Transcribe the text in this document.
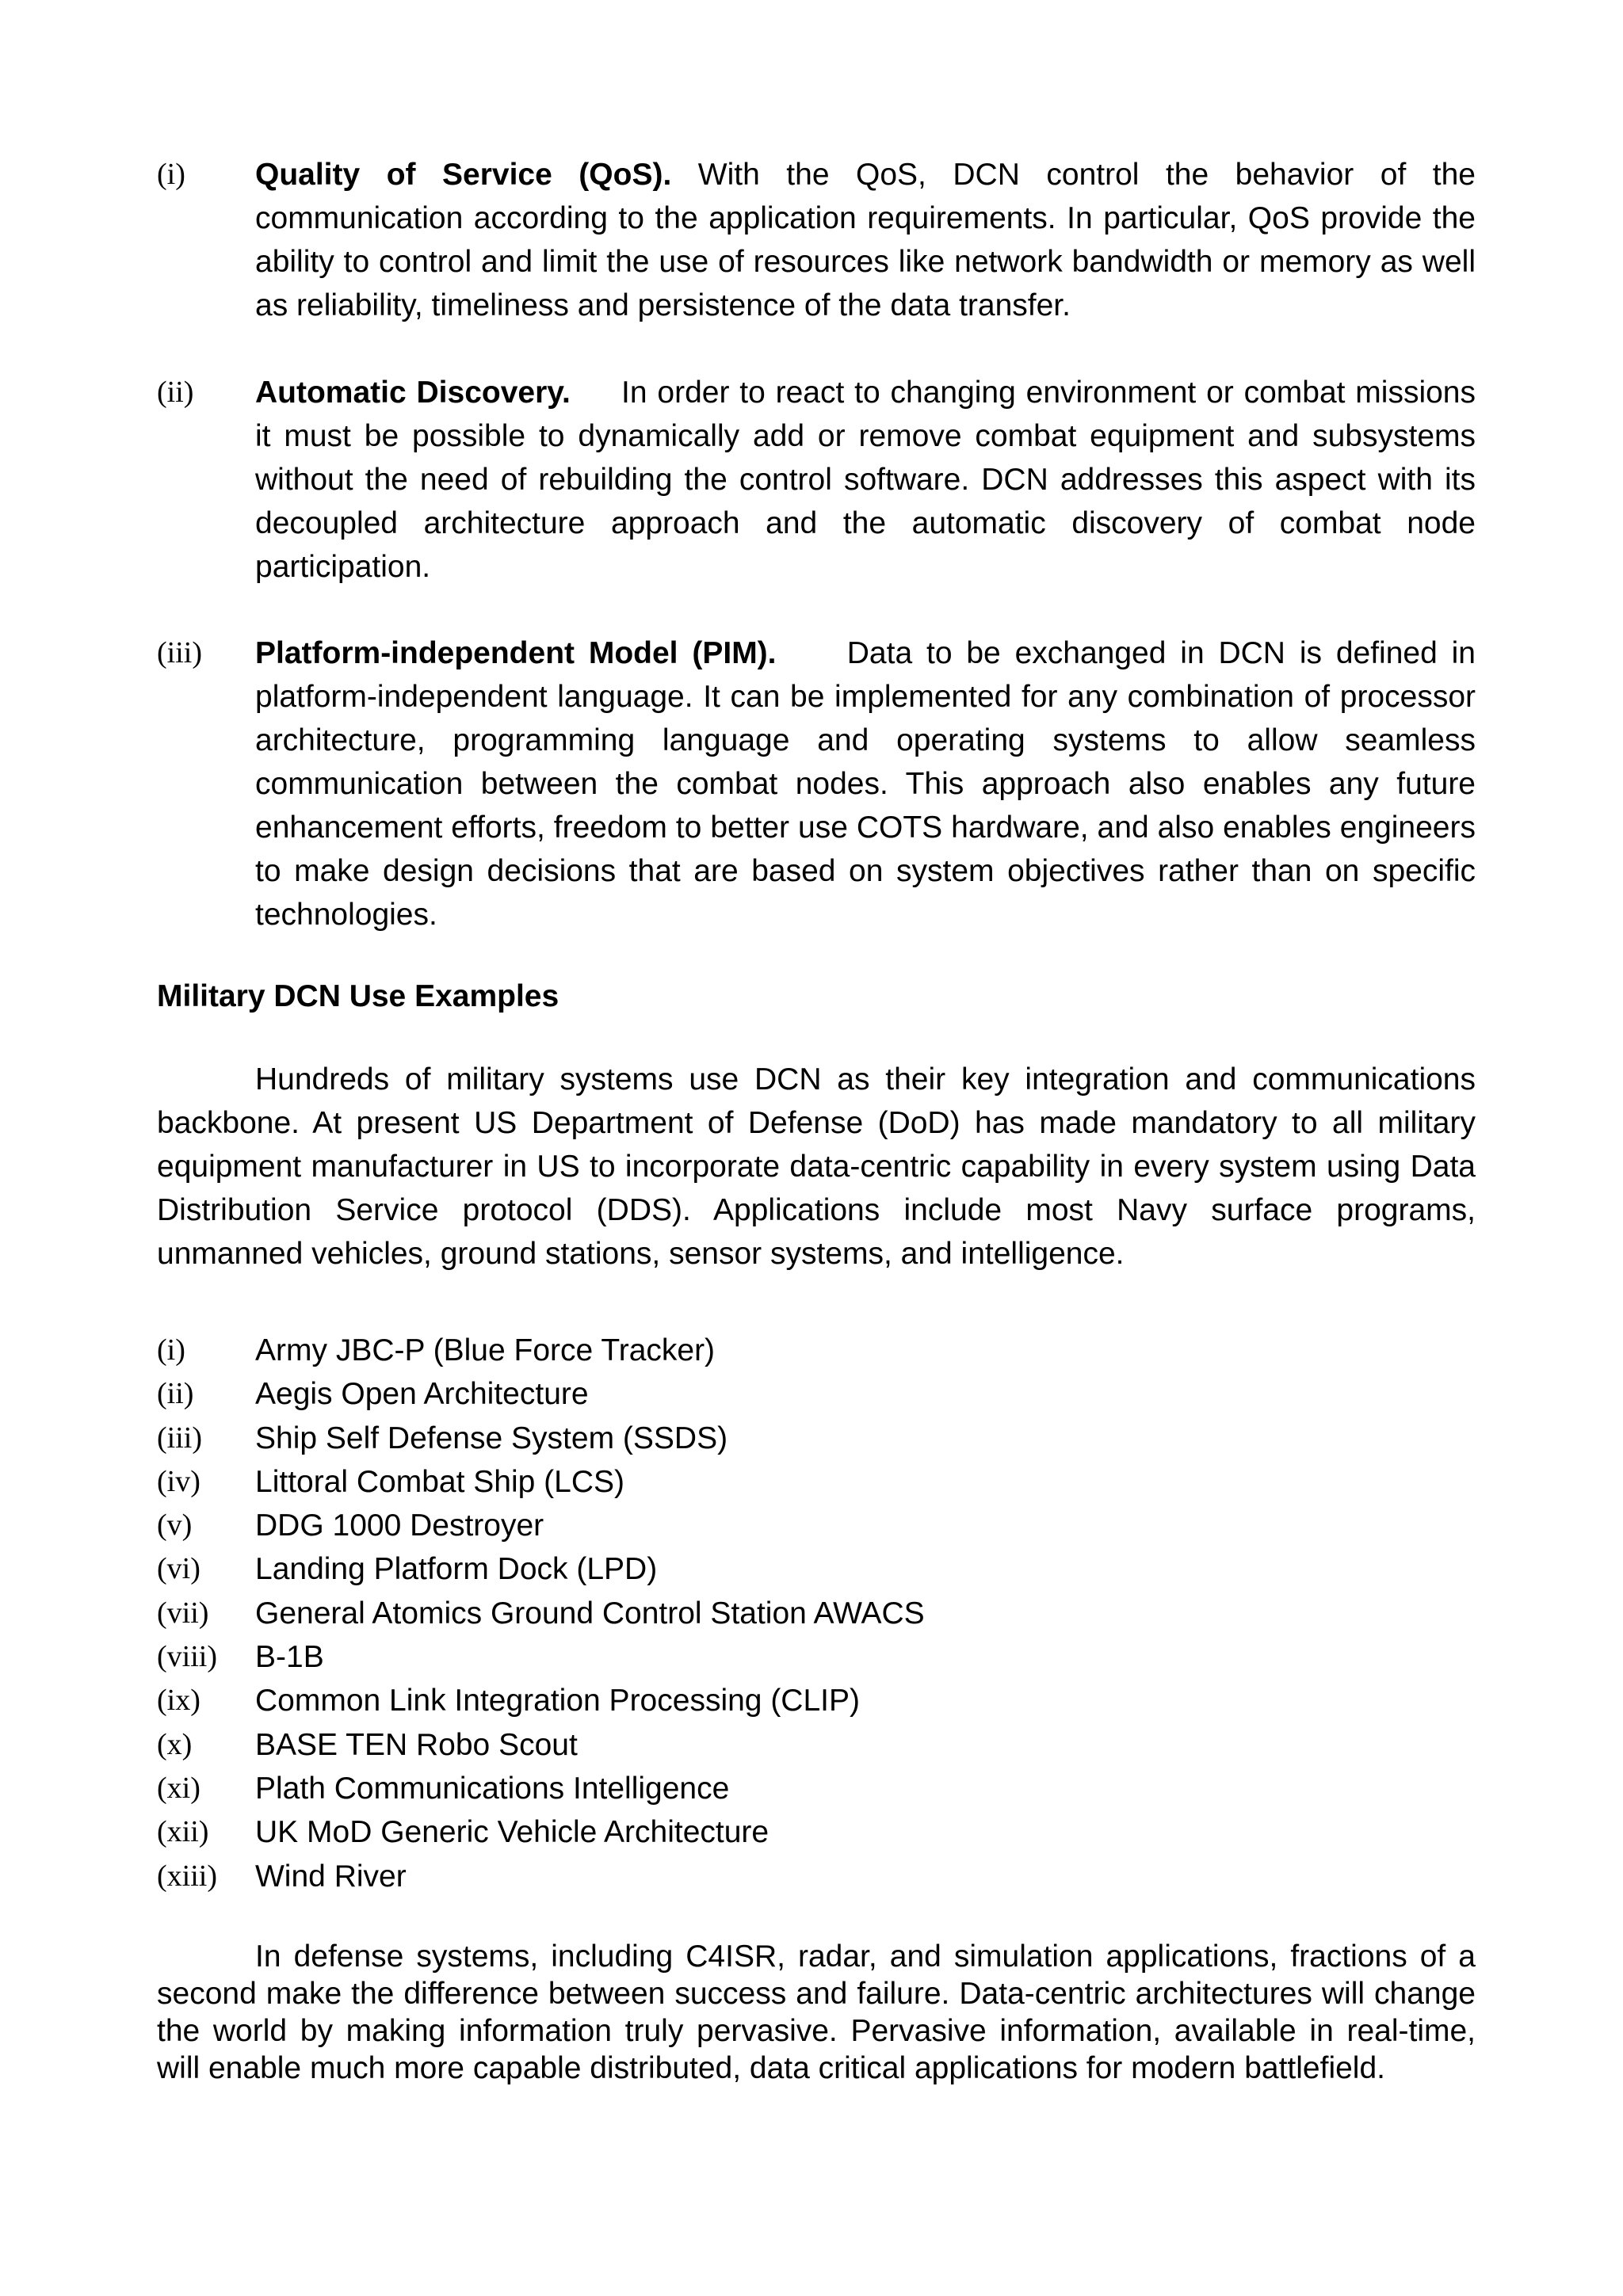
(i)	Quality of Service (QoS). With the QoS, DCN control the behavior of the communication according to the application requirements. In particular, QoS provide the ability to control and limit the use of resources like network bandwidth or memory as well as reliability, timeliness and persistence of the data transfer.
(ii)	Automatic Discovery. In order to react to changing environment or combat missions it must be possible to dynamically add or remove combat equipment and subsystems without the need of rebuilding the control software. DCN addresses this aspect with its decoupled architecture approach and the automatic discovery of combat node participation.
(iii)	Platform-independent Model (PIM). Data to be exchanged in DCN is defined in platform-independent language. It can be implemented for any combination of processor architecture, programming language and operating systems to allow seamless communication between the combat nodes. This approach also enables any future enhancement efforts, freedom to better use COTS hardware, and also enables engineers to make design decisions that are based on system objectives rather than on specific technologies.
Military DCN Use Examples
Hundreds of military systems use DCN as their key integration and communications backbone. At present US Department of Defense (DoD) has made mandatory to all military equipment manufacturer in US to incorporate data-centric capability in every system using Data Distribution Service protocol (DDS). Applications include most Navy surface programs, unmanned vehicles, ground stations, sensor systems, and intelligence.
(i) Army JBC-P (Blue Force Tracker)
(ii) Aegis Open Architecture
(iii) Ship Self Defense System (SSDS)
(iv) Littoral Combat Ship (LCS)
(v) DDG 1000 Destroyer
(vi) Landing Platform Dock (LPD)
(vii) General Atomics Ground Control Station AWACS
(viii) B-1B
(ix) Common Link Integration Processing (CLIP)
(x) BASE TEN Robo Scout
(xi) Plath Communications Intelligence
(xii) UK MoD Generic Vehicle Architecture
(xiii) Wind River
In defense systems, including C4ISR, radar, and simulation applications, fractions of a second make the difference between success and failure. Data-centric architectures will change the world by making information truly pervasive. Pervasive information, available in real-time, will enable much more capable distributed, data critical applications for modern battlefield.
